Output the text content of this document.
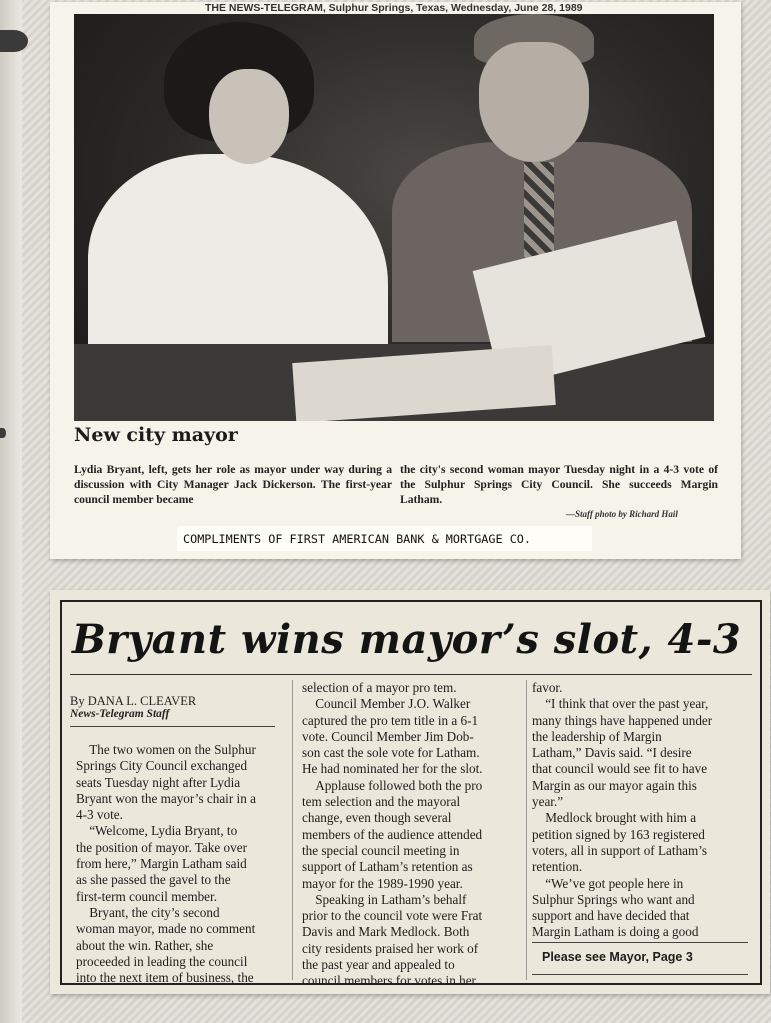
THE NEWS-TELEGRAM, Sulphur Springs, Texas, Wednesday, June 28, 1989
New city mayor
Lydia Bryant, left, gets her role as mayor under way during a discussion with City Manager Jack Dickerson. The first-year council member became
the city's second woman mayor Tuesday night in a 4-3 vote of the Sulphur Springs City Council. She succeeds Margin Latham.
—Staff photo by Richard Hail
COMPLIMENTS OF FIRST AMERICAN BANK & MORTGAGE CO.
Bryant wins mayor’s slot, 4-3
By DANA L. CLEAVER
News-Telegram Staff
 The two women on the Sulphur
Springs City Council exchanged
seats Tuesday night after Lydia
Bryant won the mayor’s chair in a
4-3 vote.
 “Welcome, Lydia Bryant, to
the position of mayor. Take over
from here,” Margin Latham said
as she passed the gavel to the
first-term council member.
 Bryant, the city’s second
woman mayor, made no comment
about the win. Rather, she
proceeded in leading the council
into the next item of business, the
selection of a mayor pro tem.
 Council Member J.O. Walker
captured the pro tem title in a 6-1
vote. Council Member Jim Dob-
son cast the sole vote for Latham.
He had nominated her for the slot.
 Applause followed both the pro
tem selection and the mayoral
change, even though several
members of the audience attended
the special council meeting in
support of Latham’s retention as
mayor for the 1989-1990 year.
 Speaking in Latham’s behalf
prior to the council vote were Frat
Davis and Mark Medlock. Both
city residents praised her work of
the past year and appealed to
council members for votes in her
favor.
 “I think that over the past year,
many things have happened under
the leadership of Margin
Latham,” Davis said. “I desire
that council would see fit to have
Margin as our mayor again this
year.”
 Medlock brought with him a
petition signed by 163 registered
voters, all in support of Latham’s
retention.
 “We’ve got people here in
Sulphur Springs who want and
support and have decided that
Margin Latham is doing a good
Please see Mayor, Page 3
